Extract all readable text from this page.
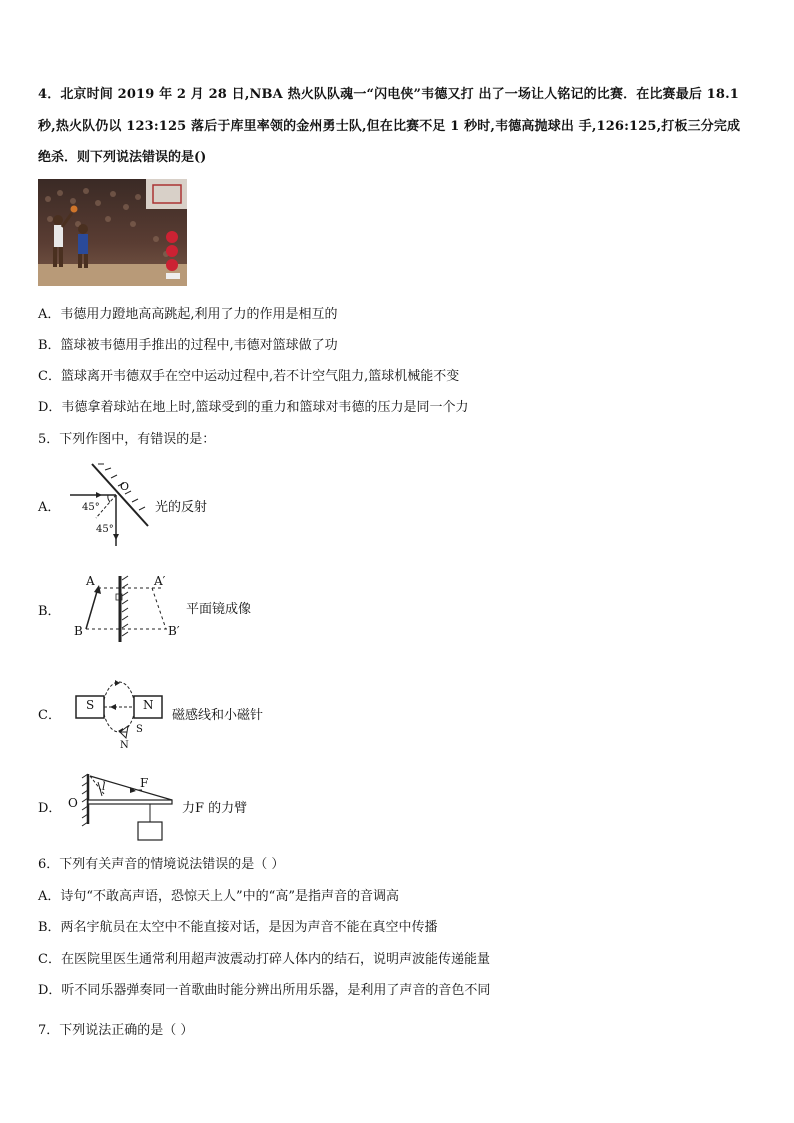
4．北京时间 2019 年 2 月 28 日,NBA 热火队队魂一“闪电侠”韦德又打 出了一场让人铭记的比赛．在比赛最后 18.1
秒,热火队仍以 123:125 落后于库里率领的金州勇士队,但在比赛不足 1 秒时,韦德高抛球出 手,126:125,打板三分完成
绝杀．则下列说法错误的是()
A．韦德用力蹬地高高跳起,利用了力的作用是相互的
B．篮球被韦德用手推出的过程中,韦德对篮球做了功
C．篮球离开韦德双手在空中运动过程中,若不计空气阻力,篮球机械能不变
D．韦德拿着球站在地上时,篮球受到的重力和篮球对韦德的压力是同一个力
5．下列作图中，有错误的是：
A． 45°
45°
O
光的反射
B．
A	A′
B	B′
平面镜成像
C．
S	N
S
N
磁感线和小磁针
D． O
F
l
力F 的力臂
6．下列有关声音的情境说法错误的是（ ）
A．诗句“不敢高声语，恐惊天上人”中的“高”是指声音的音调高
B．两名宇航员在太空中不能直接对话，是因为声音不能在真空中传播
C．在医院里医生通常利用超声波震动打碎人体内的结石，说明声波能传递能量
D．听不同乐器弹奏同一首歌曲时能分辨出所用乐器，是利用了声音的音色不同
7．下列说法正确的是（ ）
